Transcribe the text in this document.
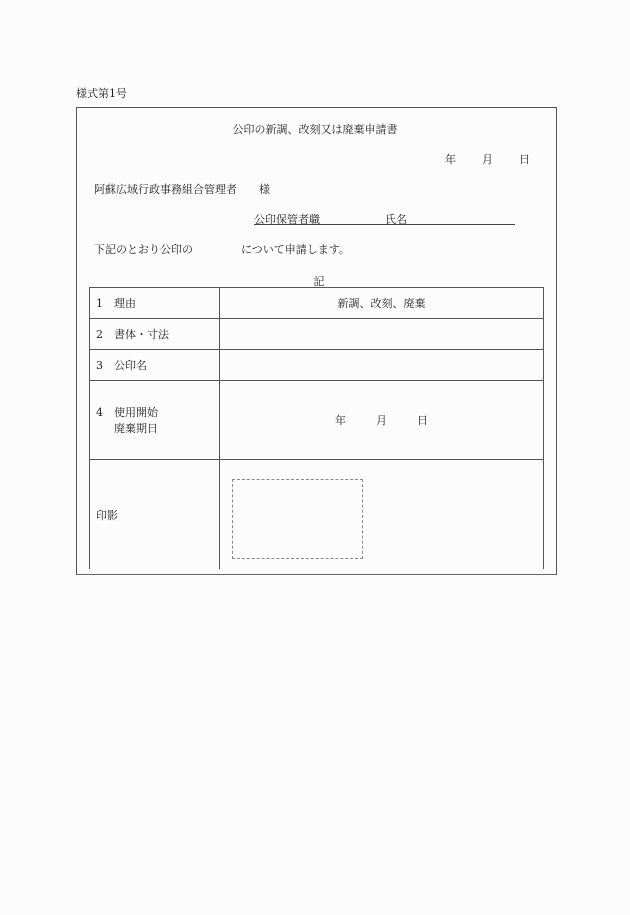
様式第1号
公印の新調、改刻又は廃棄申請書
年 月 日
阿蘇広域行政事務組合管理者 様
公印保管者職	氏名
下記のとおり公印の	について申請します。
記
1 理由	新調、改刻、廃棄
2 書体・寸法	
3 公印名	

4 使用開始
廃棄期日	年 月 日
印影	
